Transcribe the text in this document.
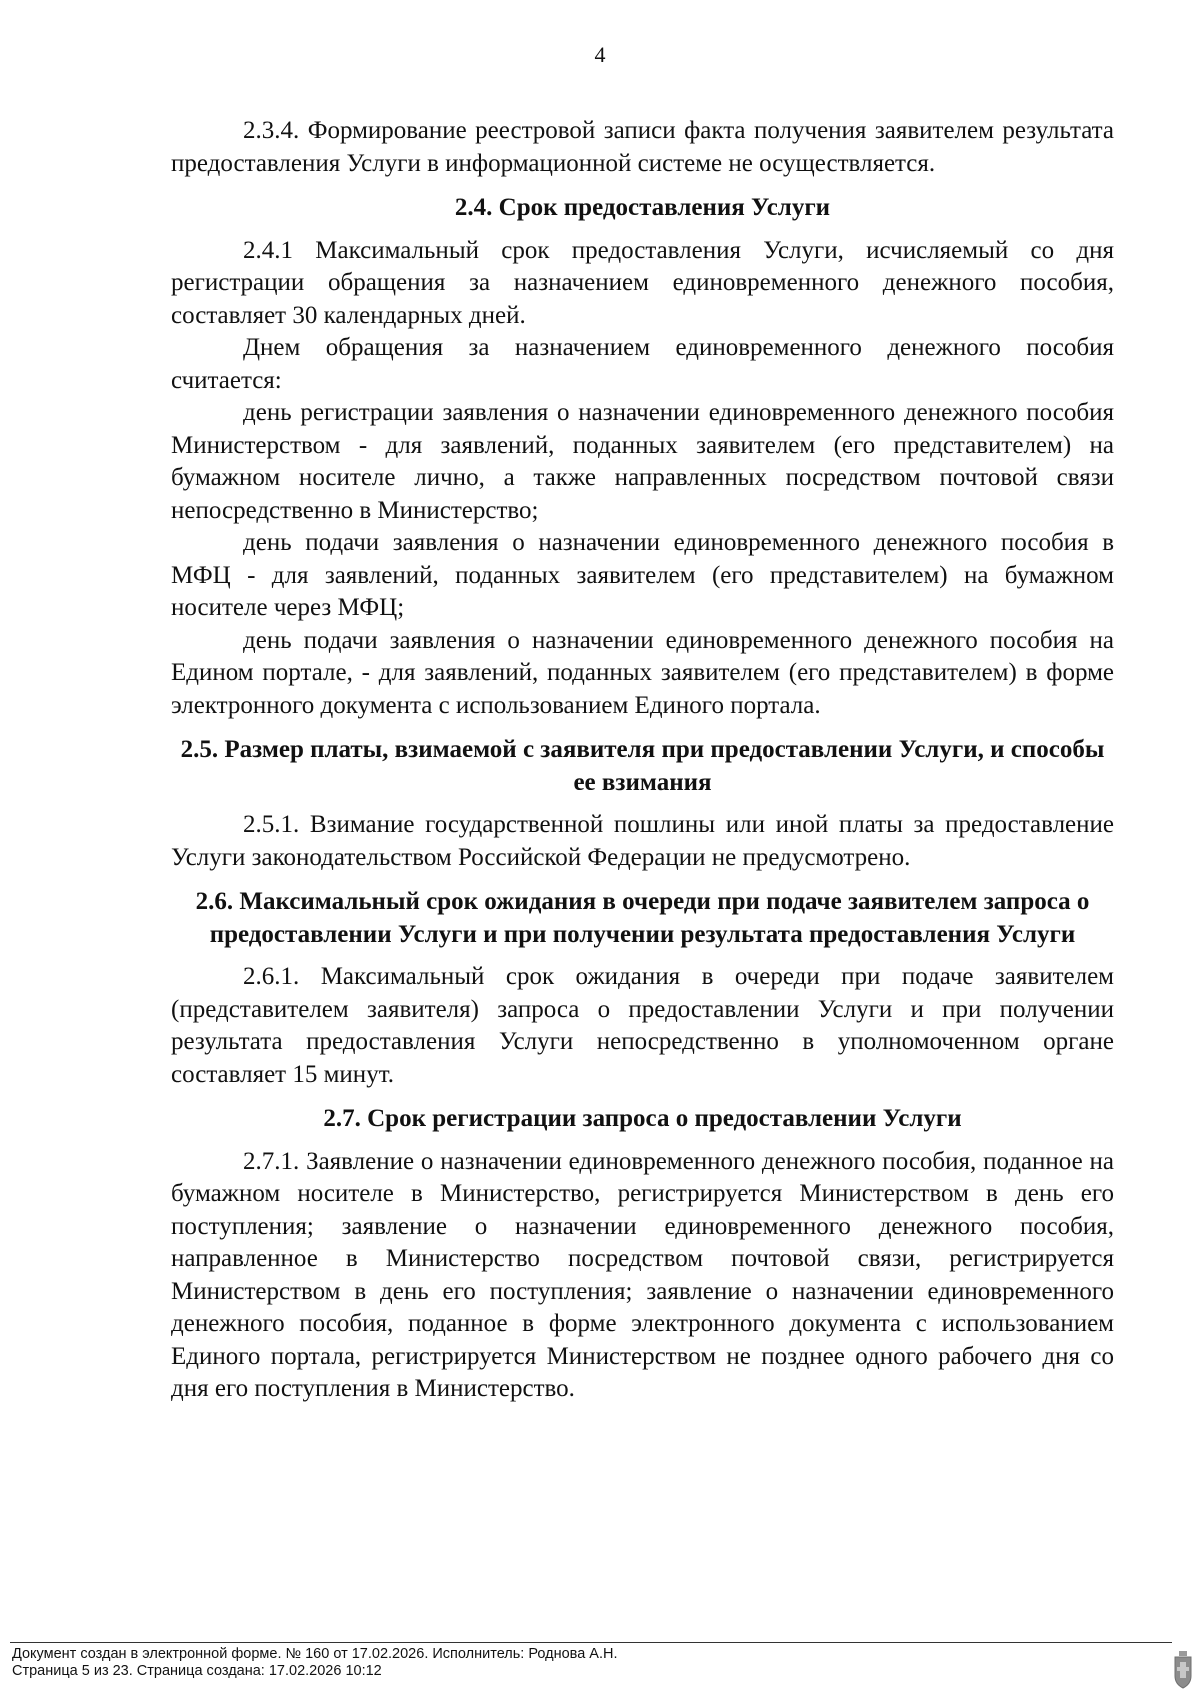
4

2.3.4. Формирование реестровой записи факта получения заявителем результата предоставления Услуги в информационной системе не осуществляется.

2.4. Срок предоставления Услуги

2.4.1 Максимальный срок предоставления Услуги, исчисляемый со дня регистрации обращения за назначением единовременного денежного пособия, составляет 30 календарных дней.

Днем обращения за назначением единовременного денежного пособия считается:

день регистрации заявления о назначении единовременного денежного пособия Министерством - для заявлений, поданных заявителем (его представителем) на бумажном носителе лично, а также направленных посредством почтовой связи непосредственно в Министерство;

день подачи заявления о назначении единовременного денежного пособия в МФЦ - для заявлений, поданных заявителем (его представителем) на бумажном носителе через МФЦ;

день подачи заявления о назначении единовременного денежного пособия на Едином портале, - для заявлений, поданных заявителем (его представителем) в форме электронного документа с использованием Единого портала.

2.5. Размер платы, взимаемой с заявителя при предоставлении Услуги, и способы ее взимания

2.5.1. Взимание государственной пошлины или иной платы за предоставление Услуги законодательством Российской Федерации не предусмотрено.

2.6. Максимальный срок ожидания в очереди при подаче заявителем запроса о предоставлении Услуги и при получении результата предоставления Услуги

2.6.1. Максимальный срок ожидания в очереди при подаче заявителем (представителем заявителя) запроса о предоставлении Услуги и при получении результата предоставления Услуги непосредственно в уполномоченном органе составляет 15 минут.

2.7. Срок регистрации запроса о предоставлении Услуги

2.7.1. Заявление о назначении единовременного денежного пособия, поданное на бумажном носителе в Министерство, регистрируется Министерством в день его поступления; заявление о назначении единовременного денежного пособия, направленное в Министерство посредством почтовой связи, регистрируется Министерством в день его поступления; заявление о назначении единовременного денежного пособия, поданное в форме электронного документа с использованием Единого портала, регистрируется Министерством не позднее одного рабочего дня со дня его поступления в Министерство.

Документ создан в электронной форме. № 160 от 17.02.2026. Исполнитель: Роднова А.Н.
Страница 5 из 23. Страница создана: 17.02.2026 10:12
